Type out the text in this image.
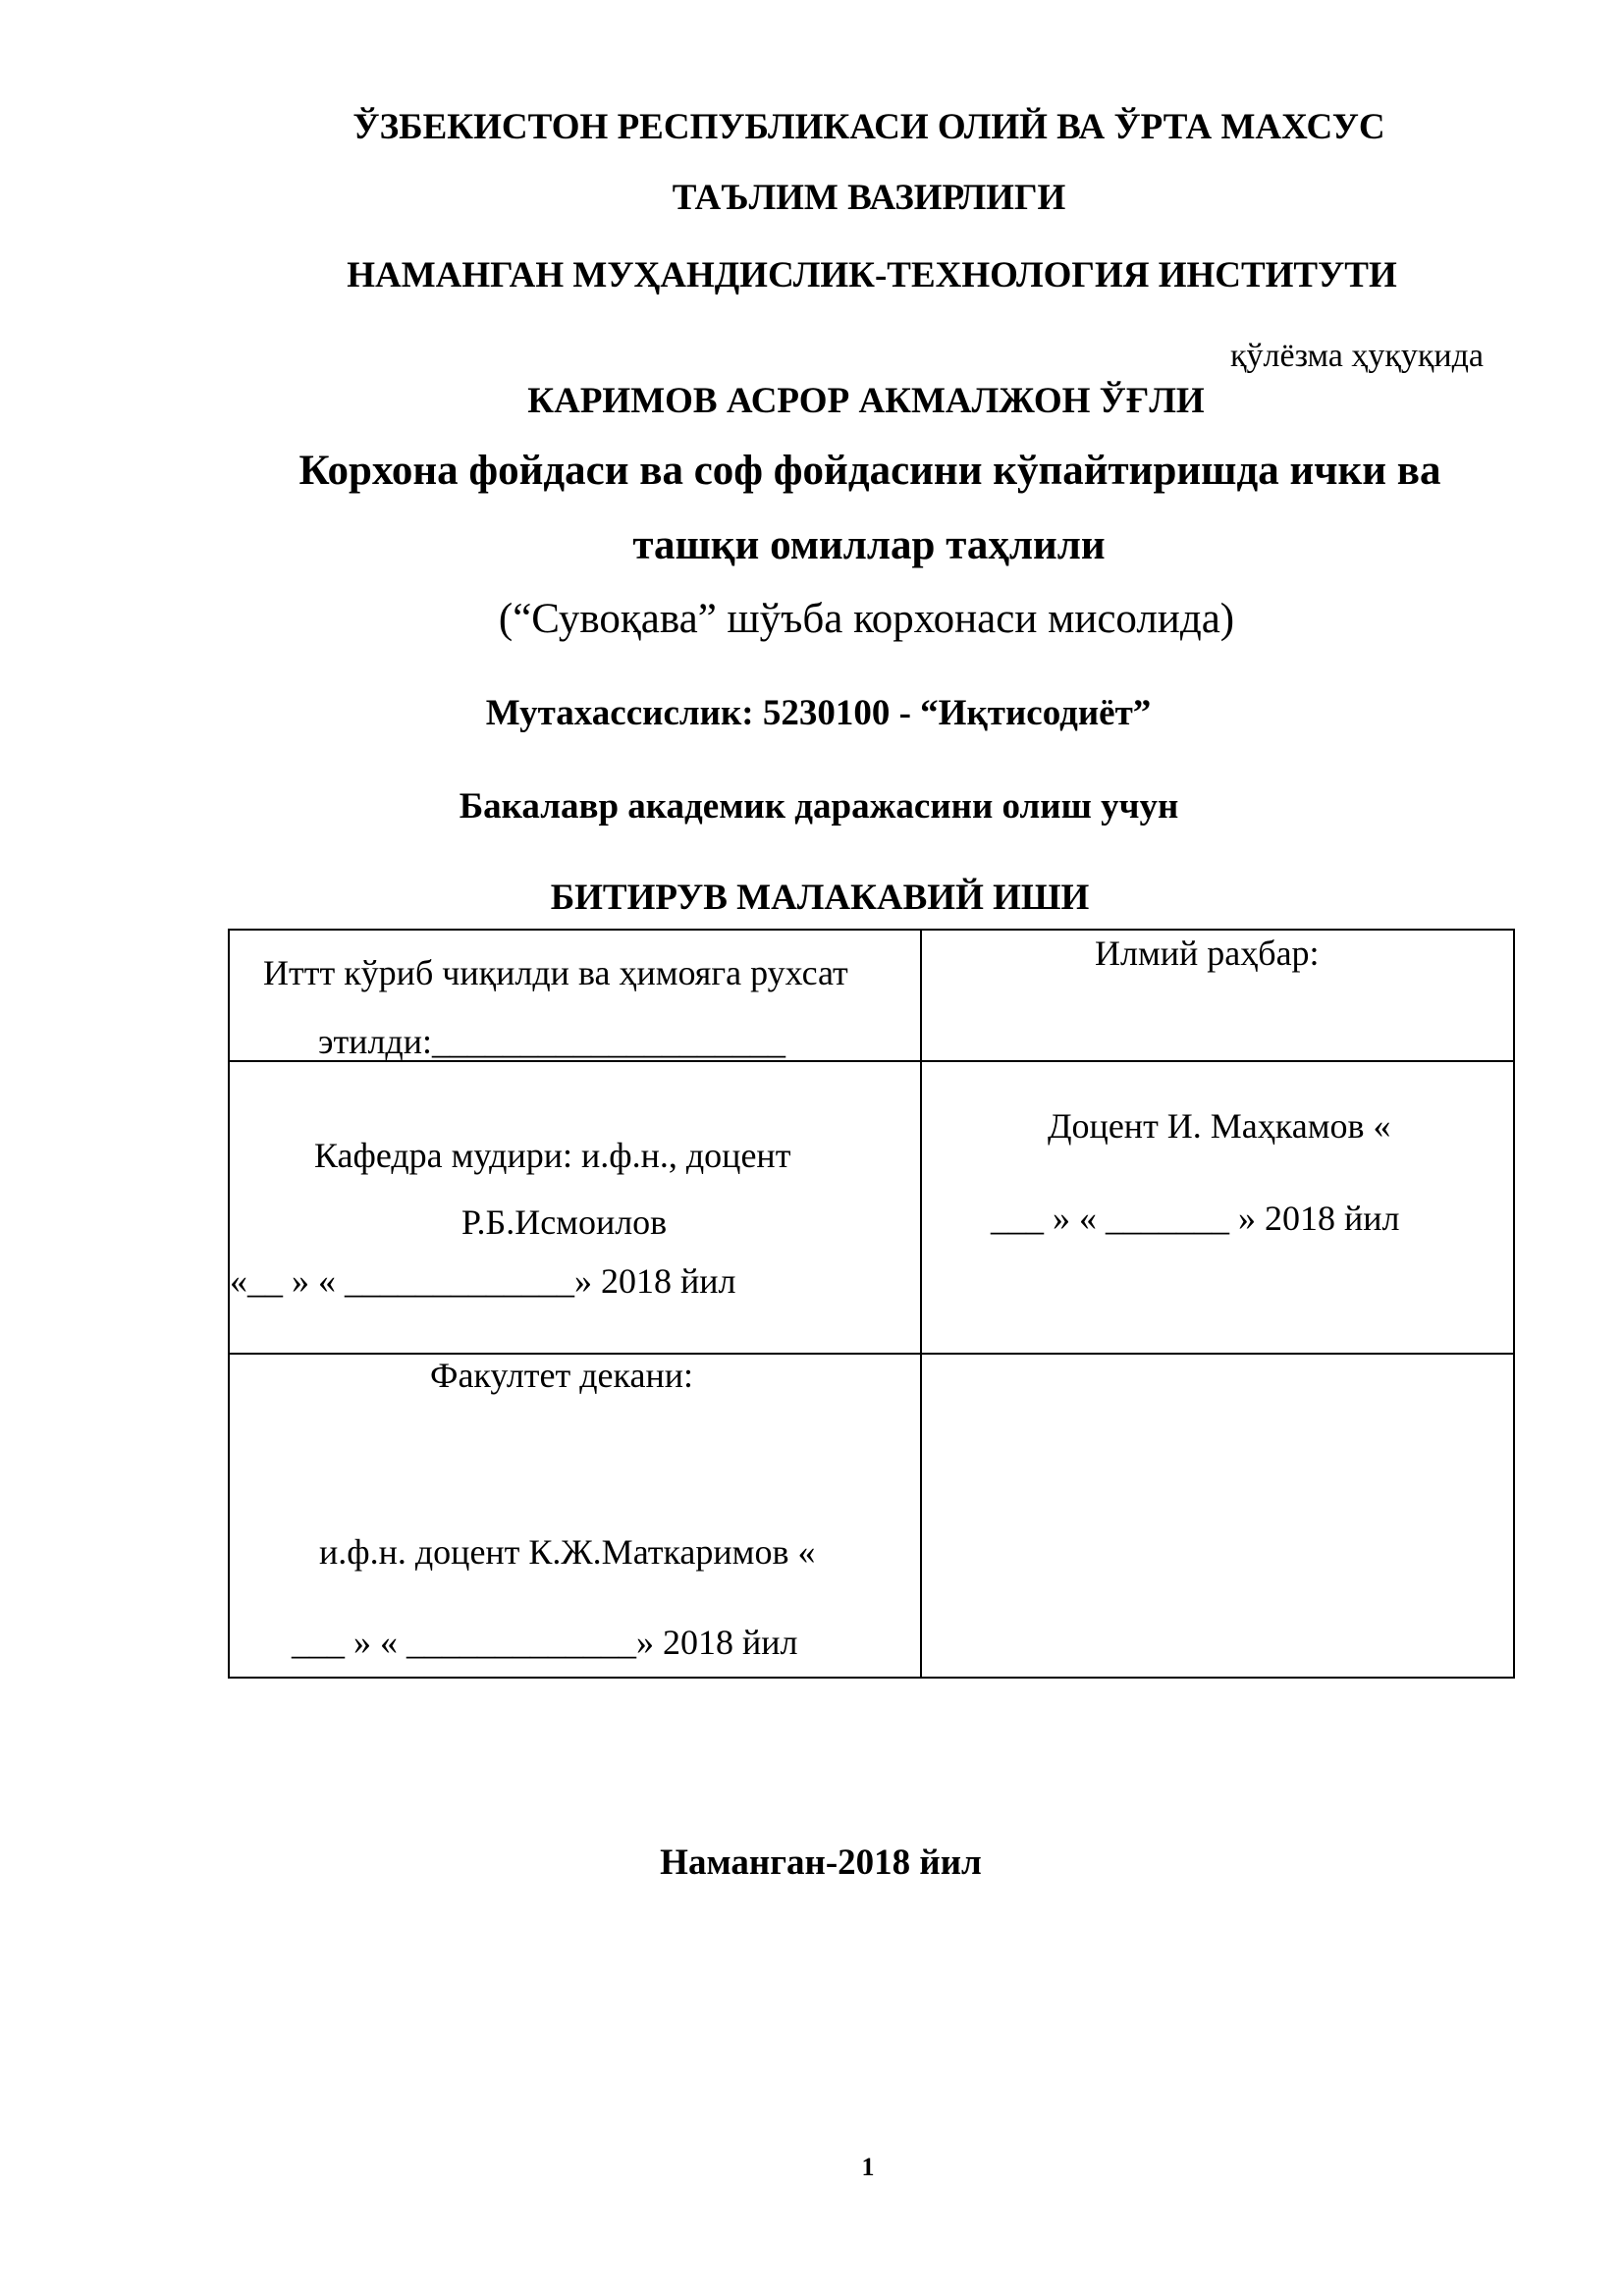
ЎЗБЕКИСТОН РЕСПУБЛИКАСИ ОЛИЙ ВА ЎРТА МАХСУС
ТАЪЛИМ ВАЗИРЛИГИ
НАМАНГАН МУҲАНДИСЛИК-ТЕХНОЛОГИЯ ИНСТИТУТИ
қўлёзма ҳуқуқида
КАРИМОВ АСРОР АКМАЛЖОН ЎҒЛИ
Корхона фойдаси ва соф фойдасини кўпайтиришда ички ва
ташқи омиллар таҳлили
(“Сувоқава” шўъба корхонаси мисолида)
Мутахассислик: 5230100 - “Иқтисодиёт”
Бакалавр академик даражасини олиш учун
БИТИРУВ МАЛАКАВИЙ ИШИ
Иттт кўриб чиқилди ва ҳимояга рухсат
этилди:____________________
Илмий раҳбар:
Кафедра мудири: и.ф.н., доцент
Р.Б.Исмоилов
«__ » « _____________» 2018 йил
Доцент И. Маҳкамов «
___ » « _______ » 2018 йил
Факултет декани:
и.ф.н. доцент К.Ж.Маткаримов «
___ » « _____________» 2018 йил
Наманган-2018 йил
1
